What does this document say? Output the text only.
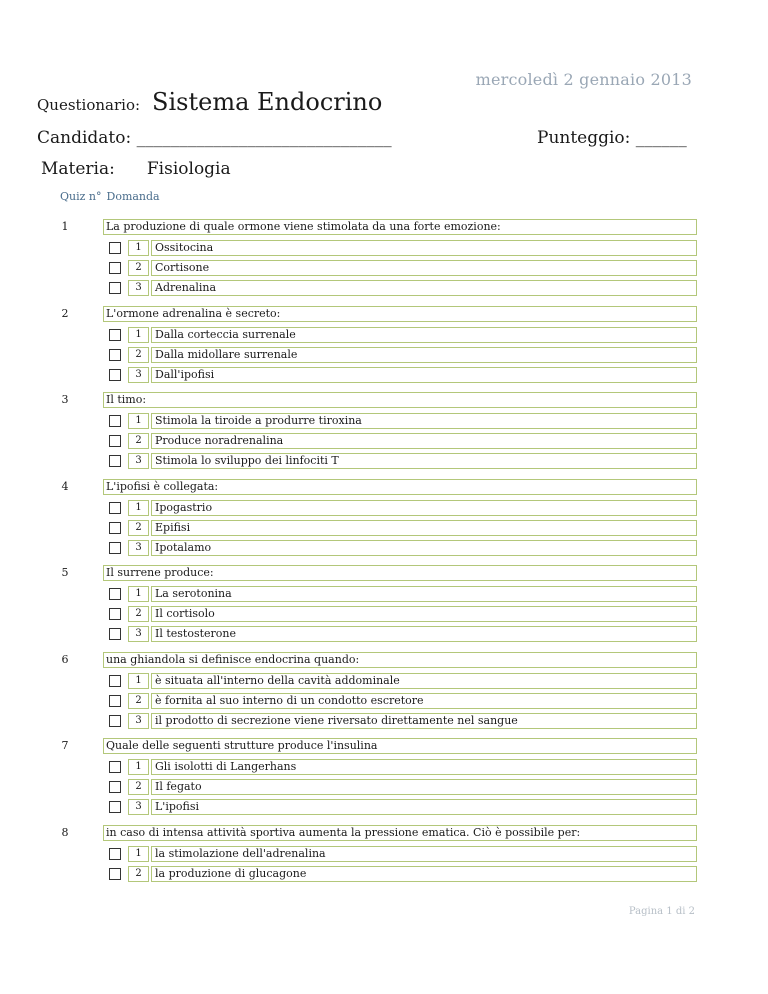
mercoledì 2 gennaio 2013
Questionario: Sistema Endocrino
Candidato: ______________________________	Punteggio: ______
Materia: Fisiologia
Quiz n° Domanda
1	La produzione di quale ormone viene stimolata da una forte emozione:
1	Ossitocina
2	Cortisone
3	Adrenalina
2	L'ormone adrenalina è secreto:
1	Dalla corteccia surrenale
2	Dalla midollare surrenale
3	Dall'ipofisi
3	Il timo:
1	Stimola la tiroide a produrre tiroxina
2	Produce noradrenalina
3	Stimola lo sviluppo dei linfociti T
4	L'ipofisi è collegata:
1	Ipogastrio
2	Epifisi
3	Ipotalamo
5	Il surrene produce:
1	La serotonina
2	Il cortisolo
3	Il testosterone
6	una ghiandola si definisce endocrina quando:
1	è situata all'interno della cavità addominale
2	è fornita al suo interno di un condotto escretore
3	il prodotto di secrezione viene riversato direttamente nel sangue
7	Quale delle seguenti strutture produce l'insulina
1	Gli isolotti di Langerhans
2	Il fegato
3	L'ipofisi
8	in caso di intensa attività sportiva aumenta la pressione ematica. Ciò è possibile per:
1	la stimolazione dell'adrenalina
2	la produzione di glucagone
Pagina 1 di 2
